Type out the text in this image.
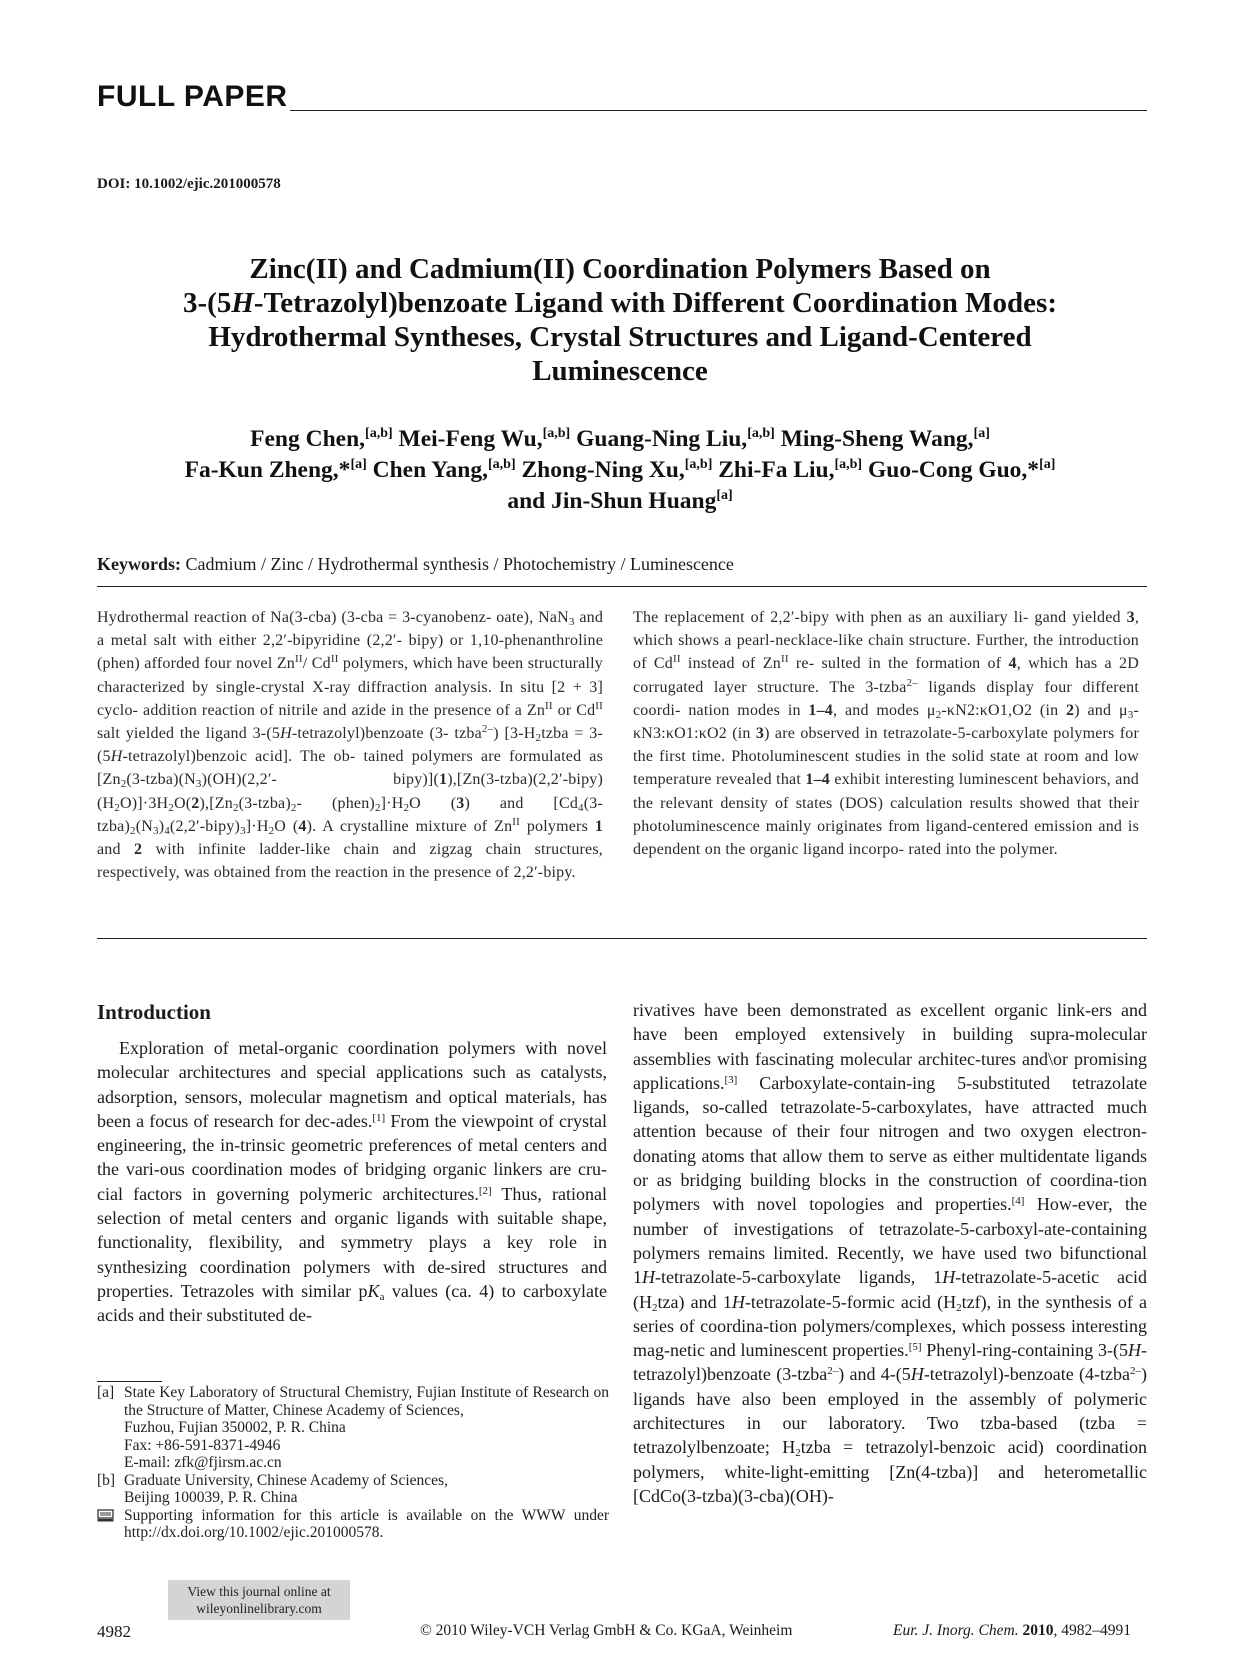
FULL PAPER
DOI: 10.1002/ejic.201000578
Zinc(II) and Cadmium(II) Coordination Polymers Based on
3-(5H-Tetrazolyl)benzoate Ligand with Different Coordination Modes:
Hydrothermal Syntheses, Crystal Structures and Ligand-Centered
Luminescence
Feng Chen,[a,b] Mei-Feng Wu,[a,b] Guang-Ning Liu,[a,b] Ming-Sheng Wang,[a]
Fa-Kun Zheng,*[a] Chen Yang,[a,b] Zhong-Ning Xu,[a,b] Zhi-Fa Liu,[a,b] Guo-Cong Guo,*[a]
and Jin-Shun Huang[a]
Keywords: Cadmium / Zinc / Hydrothermal synthesis / Photochemistry / Luminescence
Hydrothermal reaction of Na(3-cba) (3-cba = 3-cyanobenz- oate), NaN$_3$ and a metal salt with either 2,2′-bipyridine (2,2′- bipy) or 1,10-phenanthroline (phen) afforded four novel $Zn^{II}/$ $Cd^{II}$ polymers, which have been structurally characterized by single-crystal X-ray diffraction analysis. In situ [2 + 3] cyclo- addition reaction of nitrile and azide in the presence of a $Zn^{II}$ or $Cd^{II}$ salt yielded the ligand 3-(5H-tetrazolyl)benzoate (3- tzba$^{2-}$) [$3-H_2tzba$ = 3-(5H-tetrazolyl)benzoic acid]. The ob- tained polymers are formulated as [$Zn_2(3-tzba)(N_3)(OH)(2,2'-$	$bipy)](1),[Zn(3-tzba)(2,2'-bipy)(H_2O)]\cdot 3H_2O(2),[Zn_2(3-tzba)_2-$ $(phen)_2]\cdot H_2O$ (3) and $[Cd_4(3-tzba)_2(N_3)_4(2,2'-bipy)_3]\cdot H_2O$ (4). A crystalline mixture of $Zn^{II}$ polymers 1 and 2 with infinite ladder-like chain and zigzag chain structures, respectively, was obtained from the reaction in the presence of 2,2′-bipy.
The replacement of 2,2′-bipy with phen as an auxiliary li- gand yielded 3, which shows a pearl-necklace-like chain structure. Further, the introduction of $Cd^{II}$ instead of $Zn^{II}$ re- sulted in the formation of 4, which has a 2D corrugated layer structure. The 3-tzba$^{2-}$ ligands display four different coordi- nation modes in 1–4, and modes $\mu_2-\kappa N2:\kappa O1,O2$ (in 2) and $\mu_3-$ κN3:κO1:κO2 (in 3) are observed in tetrazolate-5-carboxylate polymers for the first time. Photoluminescent studies in the solid state at room and low temperature revealed that 1–4 exhibit interesting luminescent behaviors, and the relevant density of states (DOS) calculation results showed that their photoluminescence mainly originates from ligand-centered emission and is dependent on the organic ligand incorpo- rated into the polymer.
Introduction
Exploration of metal-organic coordination polymers with novel molecular architectures and special applications such as catalysts, adsorption, sensors, molecular magnetism and optical materials, has been a focus of research for dec-ades.[1] From the viewpoint of crystal engineering, the in-trinsic geometric preferences of metal centers and the vari-ous coordination modes of bridging organic linkers are cru-cial factors in governing polymeric architectures.[2] Thus, rational selection of metal centers and organic ligands with suitable shape, functionality, flexibility, and symmetry plays a key role in synthesizing coordination polymers with de-sired structures and properties. Tetrazoles with similar $pK_a$ values (ca. 4) to carboxylate acids and their substituted de-
rivatives have been demonstrated as excellent organic link-ers and have been employed extensively in building supra-molecular assemblies with fascinating molecular architec-tures and\or promising applications.[3] Carboxylate-contain-ing 5-substituted tetrazolate ligands, so-called tetrazolate-5-carboxylates, have attracted much attention because of their four nitrogen and two oxygen electron-donating atoms that allow them to serve as either multidentate ligands or as bridging building blocks in the construction of coordina-tion polymers with novel topologies and properties.[4] How-ever, the number of investigations of tetrazolate-5-carboxyl-ate-containing polymers remains limited. Recently, we have used two bifunctional 1H-tetrazolate-5-carboxylate ligands, 1H-tetrazolate-5-acetic acid $(H_2tza)$ and 1H-tetrazolate-5-formic acid $(H_2tzf)$, in the synthesis of a series of coordina-tion polymers/complexes, which possess interesting mag-netic and luminescent properties.[5] Phenyl-ring-containing 3-(5H-tetrazolyl)benzoate (3-tzba$^{2-}$) and 4-(5H-tetrazolyl)-benzoate (4-tzba$^{2-}$) ligands have also been employed in the assembly of polymeric architectures in our laboratory. Two tzba-based (tzba = tetrazolylbenzoate; $H_2tzba$ = tetrazolyl-benzoic acid) coordination polymers, white-light-emitting [Zn(4-tzba)] and heterometallic [CdCo(3-tzba)(3-cba)(OH)-
[a] State Key Laboratory of Structural Chemistry, Fujian Institute of Research on the Structure of Matter, Chinese Academy of Sciences,
Fuzhou, Fujian 350002, P. R. China
Fax: +86-591-8371-4946
E-mail: zfk@fjirsm.ac.cn
[b] Graduate University, Chinese Academy of Sciences,
Beijing 100039, P. R. China
Supporting information for this article is available on the WWW under http://dx.doi.org/10.1002/ejic.201000578.
4982
View this journal online at
wileyonlinelibrary.com
© 2010 Wiley-VCH Verlag GmbH & Co. KGaA, Weinheim	Eur. J. Inorg. Chem. 2010, 4982–4991
